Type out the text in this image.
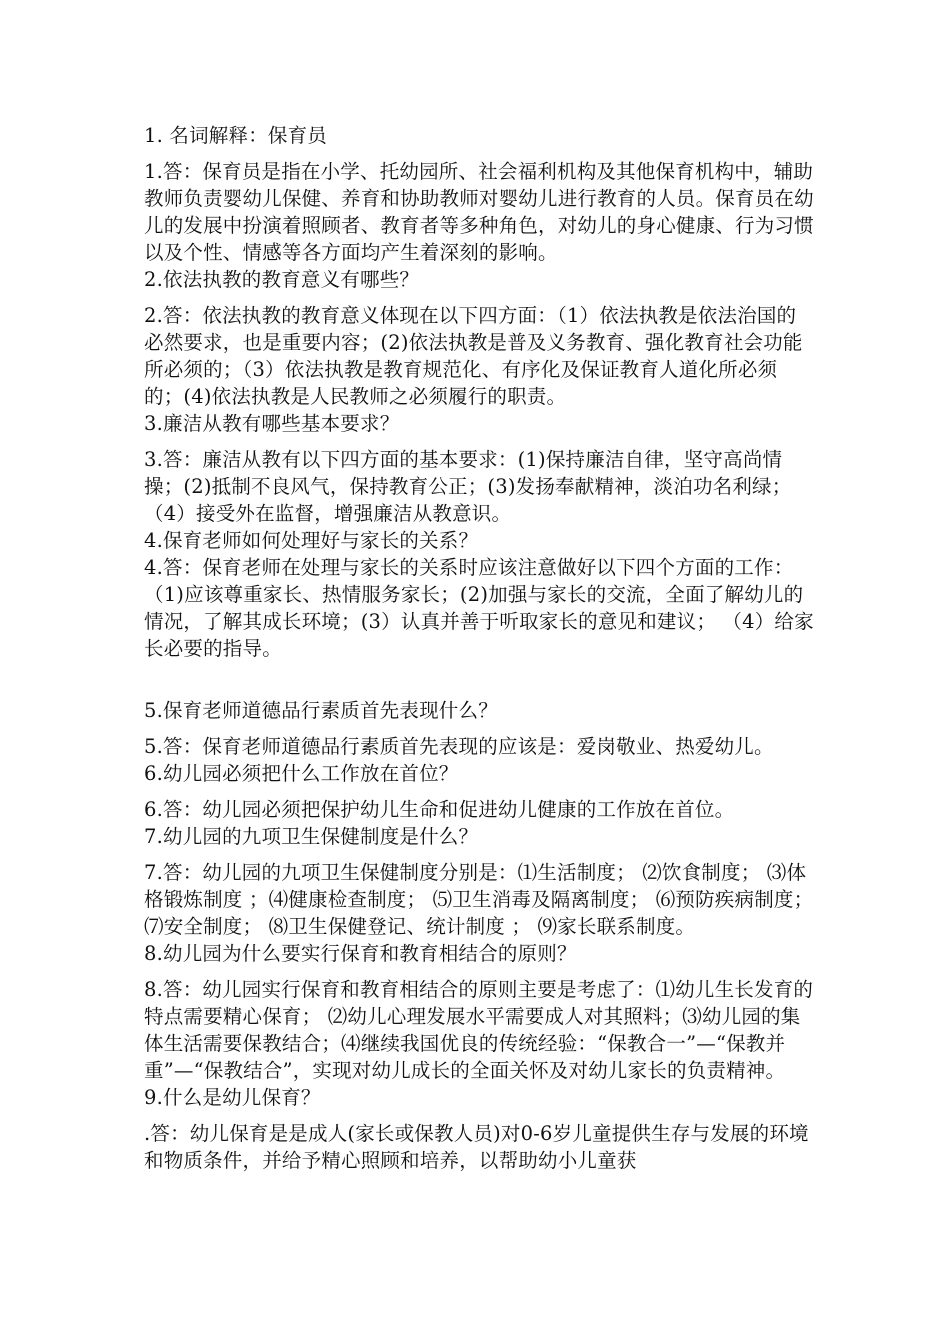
1. 名词解释：保育员

1.答：保育员是指在小学、托幼园所、社会福利机构及其他保育机构中，辅助教师负责婴幼儿保健、养育和协助教师对婴幼儿进行教育的人员。保育员在幼儿的发展中扮演着照顾者、教育者等多种角色，对幼儿的身心健康、行为习惯以及个性、情感等各方面均产生着深刻的影响。

2.依法执教的教育意义有哪些？

2.答：依法执教的教育意义体现在以下四方面：（1）依法执教是依法治国的必然要求，也是重要内容；(2)依法执教是普及义务教育、强化教育社会功能所必须的；（3）依法执教是教育规范化、有序化及保证教育人道化所必须的；(4)依法执教是人民教师之必须履行的职责。

3.廉洁从教有哪些基本要求？

3.答：廉洁从教有以下四方面的基本要求：(1)保持廉洁自律，坚守高尚情操；(2)抵制不良风气，保持教育公正；(3)发扬奉献精神，淡泊功名利绿； （4）接受外在监督，增强廉洁从教意识。

4.保育老师如何处理好与家长的关系？

4.答：保育老师在处理与家长的关系时应该注意做好以下四个方面的工作：（1)应该尊重家长、热情服务家长；(2)加强与家长的交流，全面了解幼儿的情况，了解其成长环境；(3）认真并善于听取家长的意见和建议； （4）给家长必要的指导。

5.保育老师道德品行素质首先表现什么？

5.答：保育老师道德品行素质首先表现的应该是：爱岗敬业、热爱幼儿。

6.幼儿园必须把什么工作放在首位？

6.答：幼儿园必须把保护幼儿生命和促进幼儿健康的工作放在首位。

7.幼儿园的九项卫生保健制度是什么？

7.答：幼儿园的九项卫生保健制度分别是：⑴生活制度； ⑵饮食制度； ⑶体格锻炼制度 ；⑷健康检查制度； ⑸卫生消毒及隔离制度； ⑹预防疾病制度； ⑺安全制度； ⑻卫生保健登记、统计制度 ； ⑼家长联系制度。

8.幼儿园为什么要实行保育和教育相结合的原则？

8.答：幼儿园实行保育和教育相结合的原则主要是考虑了：⑴幼儿生长发育的特点需要精心保育； ⑵幼儿心理发展水平需要成人对其照料；⑶幼儿园的集体生活需要保教结合；⑷继续我国优良的传统经验：“保教合一”—“保教并重”—“保教结合”，实现对幼儿成长的全面关怀及对幼儿家长的负责精神。

9.什么是幼儿保育？

.答：幼儿保育是是成人(家长或保教人员)对0-6岁儿童提供生存与发展的环境和物质条件，并给予精心照顾和培养，以帮助幼小儿童获
